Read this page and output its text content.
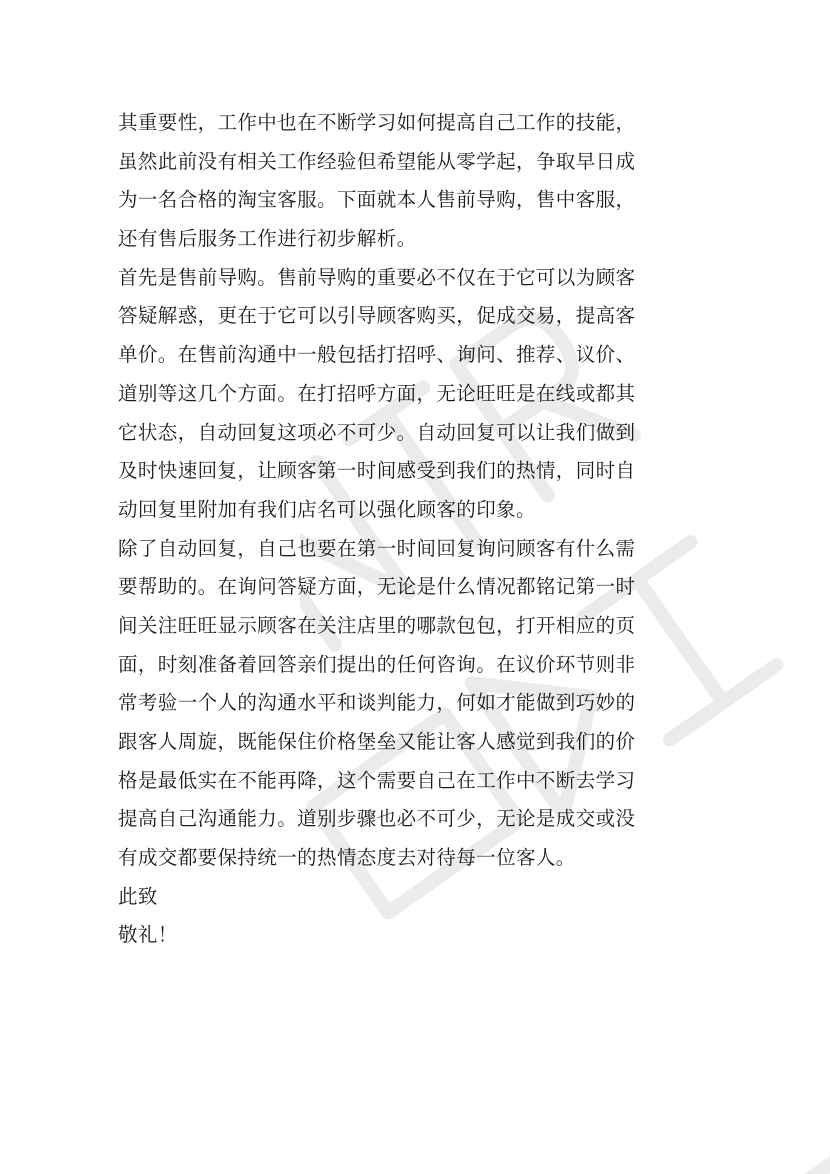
其重要性，工作中也在不断学习如何提高自己工作的技能，
虽然此前没有相关工作经验但希望能从零学起，争取早日成
为一名合格的淘宝客服。下面就本人售前导购，售中客服，
还有售后服务工作进行初步解析。
首先是售前导购。售前导购的重要必不仅在于它可以为顾客
答疑解惑，更在于它可以引导顾客购买，促成交易，提高客
单价。在售前沟通中一般包括打招呼、询问、推荐、议价、
道别等这几个方面。在打招呼方面，无论旺旺是在线或都其
它状态，自动回复这项必不可少。自动回复可以让我们做到
及时快速回复，让顾客第一时间感受到我们的热情，同时自
动回复里附加有我们店名可以强化顾客的印象。
除了自动回复，自己也要在第一时间回复询问顾客有什么需
要帮助的。在询问答疑方面，无论是什么情况都铭记第一时
间关注旺旺显示顾客在关注店里的哪款包包，打开相应的页
面，时刻准备着回答亲们提出的任何咨询。在议价环节则非
常考验一个人的沟通水平和谈判能力，何如才能做到巧妙的
跟客人周旋，既能保住价格堡垒又能让客人感觉到我们的价
格是最低实在不能再降，这个需要自己在工作中不断去学习
提高自己沟通能力。道别步骤也必不可少，无论是成交或没
有成交都要保持统一的热情态度去对待每一位客人。
此致
敬礼！
